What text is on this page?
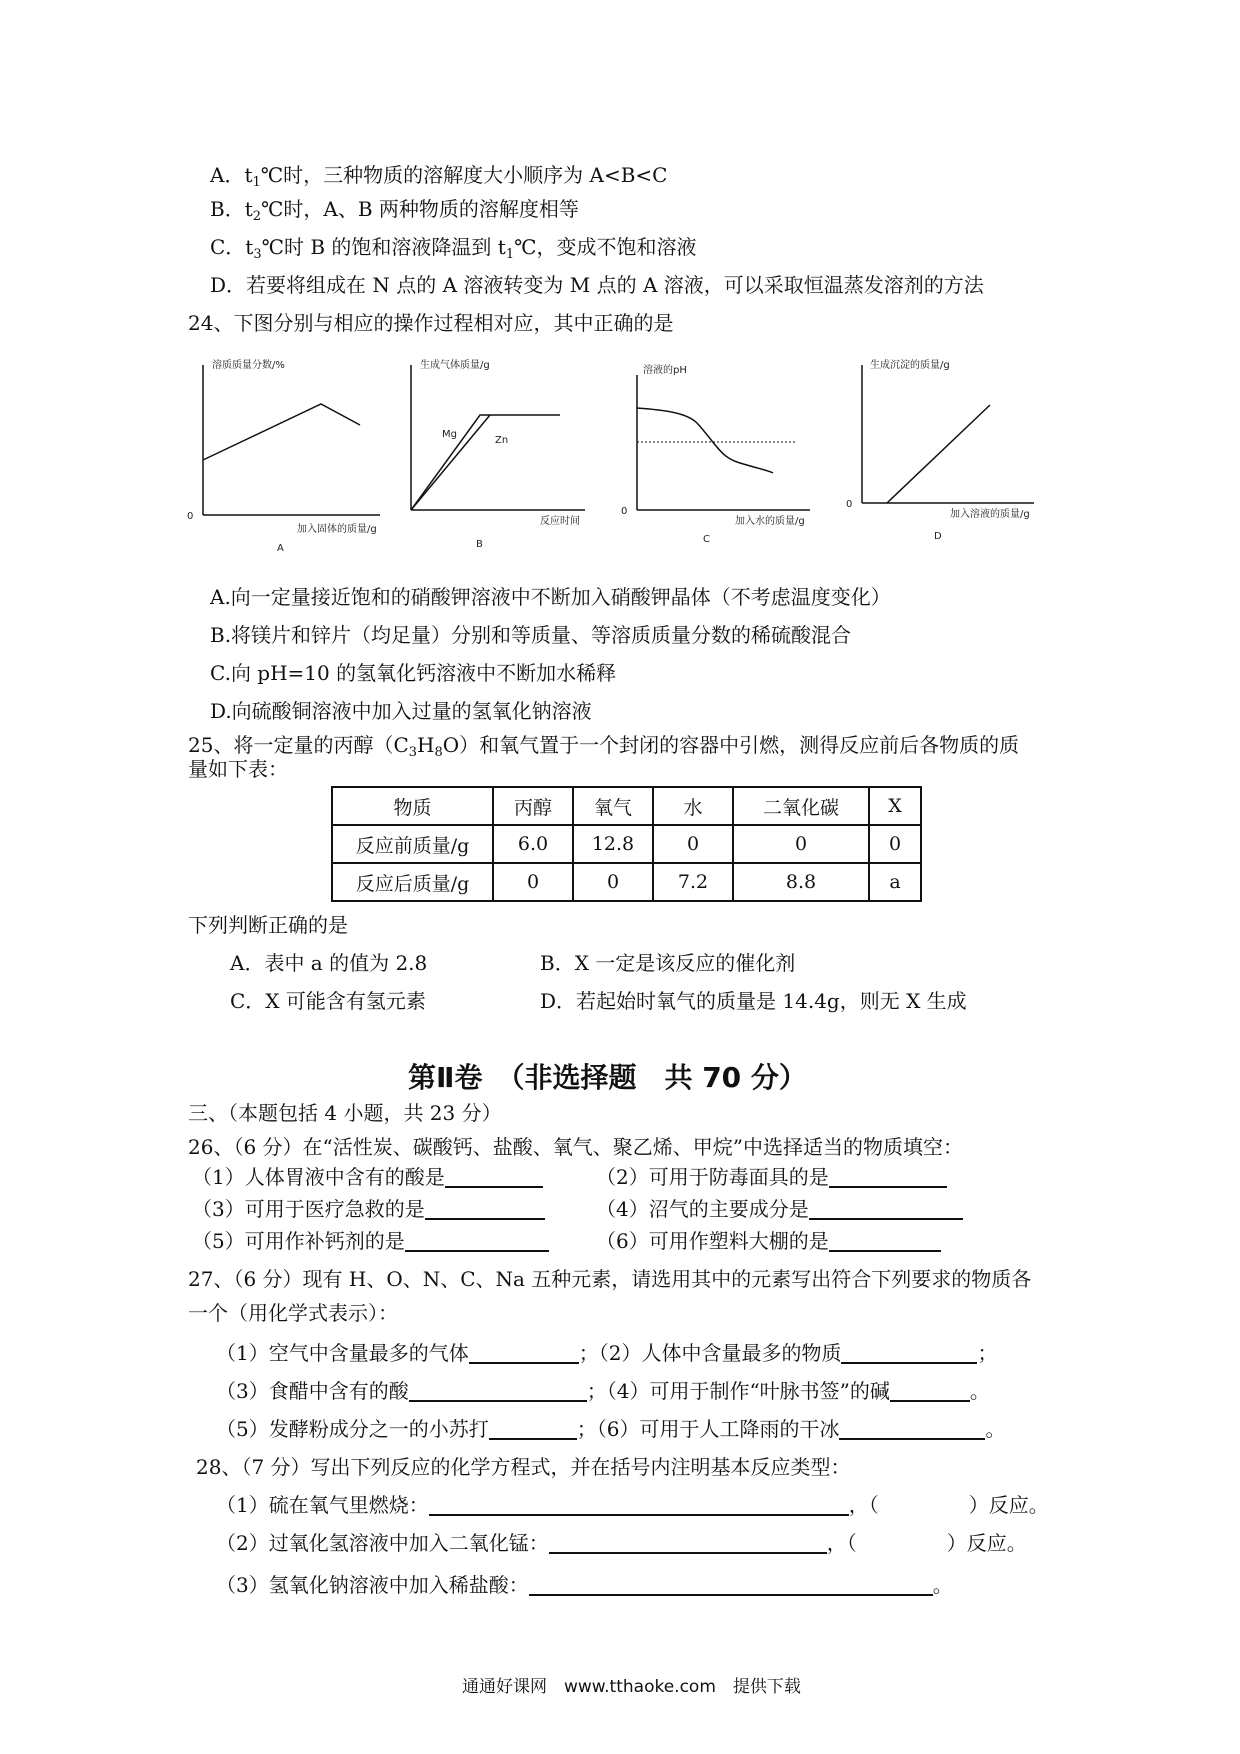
A．$t_1℃$时，三种物质的溶解度大小顺序为 A<B<C
B．$t_2℃$时，A、B 两种物质的溶解度相等
C．$t_3℃$时 B 的饱和溶液降温到 $t_1℃$，变成不饱和溶液
D．若要将组成在 N 点的 A 溶液转变为 M 点的 A 溶液，可以采取恒温蒸发溶剂的方法
24、下图分别与相应的操作过程相对应，其中正确的是
溶质质量分数/%
0
加入固体的质量/g
A
生成气体质量/g
反应时间
Mg
Zn
B
溶液的pH
0
加入水的质量/g
C
生成沉淀的质量/g
0
加入溶液的质量/g
D
A.向一定量接近饱和的硝酸钾溶液中不断加入硝酸钾晶体（不考虑温度变化）
B.将镁片和锌片（均足量）分别和等质量、等溶质质量分数的稀硫酸混合
C.向 pH=10 的氢氧化钙溶液中不断加水稀释
D.向硫酸铜溶液中加入过量的氢氧化钠溶液
25、将一定量的丙醇$(C_3H_8O)$和氧气置于一个封闭的容器中引燃，测得反应前后各物质的质
量如下表：
物质	丙醇	氧气	水	二氧化碳	X
反应前质量/g	6.0	12.8	0	0	0
反应后质量/g	0	0	7.2	8.8	a
下列判断正确的是
A．表中 a 的值为 2.8	B．X 一定是该反应的催化剂
C．X 可能含有氢元素	D．若起始时氧气的质量是 14.4g，则无 X 生成
第Ⅱ卷　（非选择题　共 70 分）
三、（本题包括 4 小题，共 23 分）
26、（6 分）在“活性炭、碳酸钙、盐酸、氧气、聚乙烯、甲烷”中选择适当的物质填空：
（1）人体胃液中含有的酸是	（2）可用于防毒面具的是
（3）可用于医疗急救的是	（4）沼气的主要成分是
（5）可用作补钙剂的是	（6）可用作塑料大棚的是
27、（6 分）现有 H、O、N、C、Na 五种元素，请选用其中的元素写出符合下列要求的物质各
一个（用化学式表示）：
（1）空气中含量最多的气体	；（2）人体中含量最多的物质	；
（3）食醋中含有的酸	；（4）可用于制作“叶脉书签”的碱	。
（5）发酵粉成分之一的小苏打	；（6）可用于人工降雨的干冰	。
28、（7 分）写出下列反应的化学方程式，并在括号内注明基本反应类型：
（1）硫在氧气里燃烧：	，（	）反应。
（2）过氧化氢溶液中加入二氧化锰：	，（	）反应。
（3）氢氧化钠溶液中加入稀盐酸：	。
通通好课网　www.tthaoke.com　提供下载
